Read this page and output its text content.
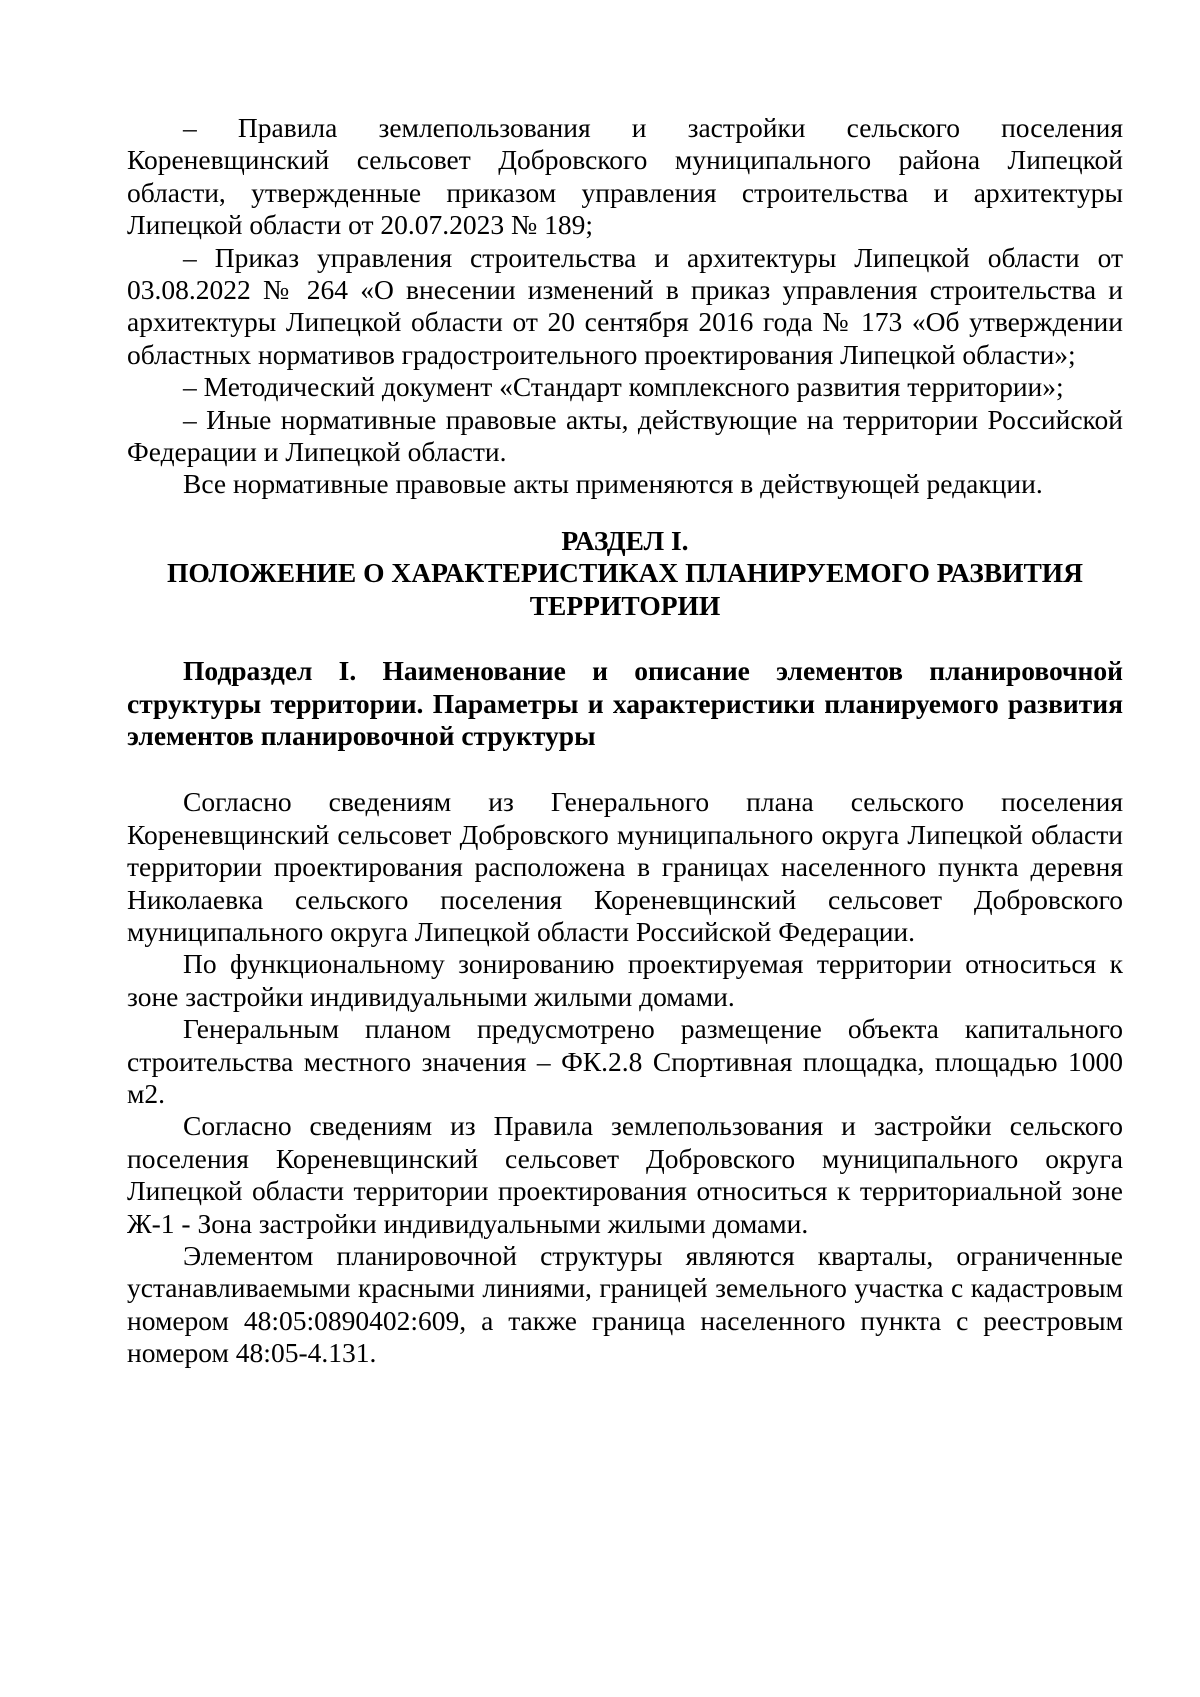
– Правила землепользования и застройки сельского поселения Кореневщинский сельсовет Добровского муниципального района Липецкой области, утвержденные приказом управления строительства и архитектуры Липецкой области от 20.07.2023 № 189;

– Приказ управления строительства и архитектуры Липецкой области от 03.08.2022 № 264 «О внесении изменений в приказ управления строительства и архитектуры Липецкой области от 20 сентября 2016 года № 173 «Об утверждении областных нормативов градостроительного проектирования Липецкой области»;

– Методический документ «Стандарт комплексного развития территории»;

– Иные нормативные правовые акты, действующие на территории Российской Федерации и Липецкой области.

Все нормативные правовые акты применяются в действующей редакции.

РАЗДЕЛ I.

ПОЛОЖЕНИЕ О ХАРАКТЕРИСТИКАХ ПЛАНИРУЕМОГО РАЗВИТИЯ ТЕРРИТОРИИ

Подраздел I. Наименование и описание элементов планировочной структуры территории. Параметры и характеристики планируемого развития элементов планировочной структуры

Согласно сведениям из Генерального плана сельского поселения Кореневщинский сельсовет Добровского муниципального округа Липецкой области территории проектирования расположена в границах населенного пункта деревня Николаевка сельского поселения Кореневщинский сельсовет Добровского муниципального округа Липецкой области Российской Федерации.

По функциональному зонированию проектируемая территории относиться к зоне застройки индивидуальными жилыми домами.

Генеральным планом предусмотрено размещение объекта капитального строительства местного значения – ФК.2.8 Спортивная площадка, площадью 1000 м2.

Согласно сведениям из Правила землепользования и застройки сельского поселения Кореневщинский сельсовет Добровского муниципального округа Липецкой области территории проектирования относиться к территориальной зоне Ж-1 - Зона застройки индивидуальными жилыми домами.

Элементом планировочной структуры являются кварталы, ограниченные устанавливаемыми красными линиями, границей земельного участка с кадастровым номером 48:05:0890402:609, а также граница населенного пункта с реестровым номером 48:05-4.131.
